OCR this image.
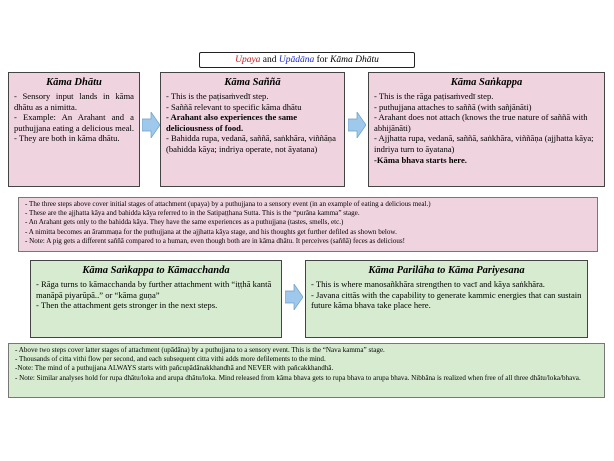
Upaya and Upādāna for Kāma Dhātu
Kāma Dhātu
- Sensory input lands in kāma dhātu as a nimitta.
- Example: An Arahant and a puthujjana eating a delicious meal. - They are both in kāma dhātu.
Kāma Saññā
- This is the paṭisaṁvedī step.
- Saññā relevant to specific kāma dhātu
- Arahant also experiences the same deliciousness of food.
- Bahidda rupa, vedanā, saññā, saṅkhāra, viññāṇa (bahidda kāya; indriya operate, not āyatana)
Kāma Saṅkappa
- This is the rāga paṭisaṁvedī step.
- puthujjana attaches to saññā (with sañjānāti)
- Arahant does not attach (knows the true nature of saññā with abhijānāti)
- Ajjhatta rupa, vedanā, saññā, saṅkhāra, viññāṇa (ajjhatta kāya; indriya turn to āyatana)
-Kāma bhava starts here.
- The three steps above cover initial stages of attachment (upaya) by a puthujjana to a sensory event (in an example of eating a delicious meal.)
- These are the ajjhatta kāya and bahidda kāya referred to in the Satipaṭṭhana Sutta. This is the “purāna kamma” stage.
- An Arahant gets only to the bahidda kāya. They have the same experiences as a puthujjana (tastes, smells, etc.)
- A nimitta becomes an ārammaṇa for the puthujjana at the ajjhatta kāya stage, and his thoughts get further defiled as shown below.
- Note: A pig gets a different saññā compared to a human, even though both are in kāma dhātu. It perceives (saññā) feces as delicious!
Kāma Saṅkappa to Kāmacchanda
- Rāga turns to kāmacchanda by further attachment with “iṭṭhā kantā manāpā piyarūpā..” or “kāma guṇa”
- Then the attachment gets stronger in the next steps.
Kāma Parilāha to Kāma Pariyesana
- This is where manosañkhāra strengthen to vacī and kāya saṅkhāra.
- Javana cittās with the capability to generate kammic energies that can sustain future kāma bhava take place here.
- Above two steps cover latter stages of attachment (upādāna) by a puthujjana to a sensory event. This is the “Nava kamma” stage.
- Thousands of citta vithi flow per second, and each subsequent citta vithi adds more defilements to the mind.
-Note: The mind of a puthujjana ALWAYS starts with pañcupādānakkhandhā and NEVER with pañcakkhandhā.
- Note: Similar analyses hold for rupa dhātu/loka and arupa dhātu/loka. Mind released from kāma bhava gets to rupa bhava to arupa bhava. Nibbāna is realized when free of all three dhātu/loka/bhava.
